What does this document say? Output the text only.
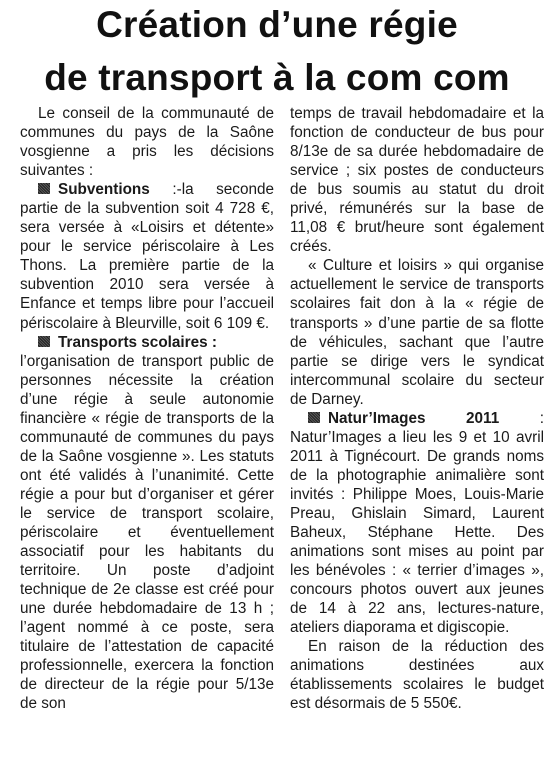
Création d’une régie
de transport à la com com

Le conseil de la communauté de communes du pays de la Saône vosgienne a pris les décisions suivantes :

Subventions :-la seconde partie de la subvention soit 4 728 €, sera versée à «Loisirs et détente» pour le service périscolaire à Les Thons. La première partie de la subvention 2010 sera versée à Enfance et temps libre pour l’accueil périscolaire à Bleurville, soit 6 109 €.

Transports scolaires :

l’organisation de transport public de personnes nécessite la création d’une régie à seule autonomie financière « régie de transports de la communauté de communes du pays de la Saône vosgienne ». Les statuts ont été validés à l’unanimité. Cette régie a pour but d’organiser et gérer le service de transport scolaire, périscolaire et éventuellement associatif pour les habitants du territoire. Un poste d’adjoint technique de 2e classe est créé pour une durée hebdomadaire de 13 h ; l’agent nommé à ce poste, sera titulaire de l’attestation de capacité professionnelle, exercera la fonction de directeur de la régie pour 5/13e de son

temps de travail hebdomadaire et la fonction de conducteur de bus pour 8/13e de sa durée hebdomadaire de service ; six postes de conducteurs de bus soumis au statut du droit privé, rémunérés sur la base de 11,08 € brut/heure sont également créés.

« Culture et loisirs » qui organise actuellement le service de transports scolaires fait don à la « régie de transports » d’une partie de sa flotte de véhicules, sachant que l’autre partie se dirige vers le syndicat intercommunal scolaire du secteur de Darney.

Natur’Images 2011 : Natur’Images a lieu les 9 et 10 avril 2011 à Tignécourt. De grands noms de la photographie animalière sont invités : Philippe Moes, Louis-Marie Preau, Ghislain Simard, Laurent Baheux, Stéphane Hette. Des animations sont mises au point par les bénévoles : « terrier d’images », concours photos ouvert aux jeunes de 14 à 22 ans, lectures-nature, ateliers diaporama et digiscopie.

En raison de la réduction des animations destinées aux établissements scolaires le budget est désormais de 5 550€.
